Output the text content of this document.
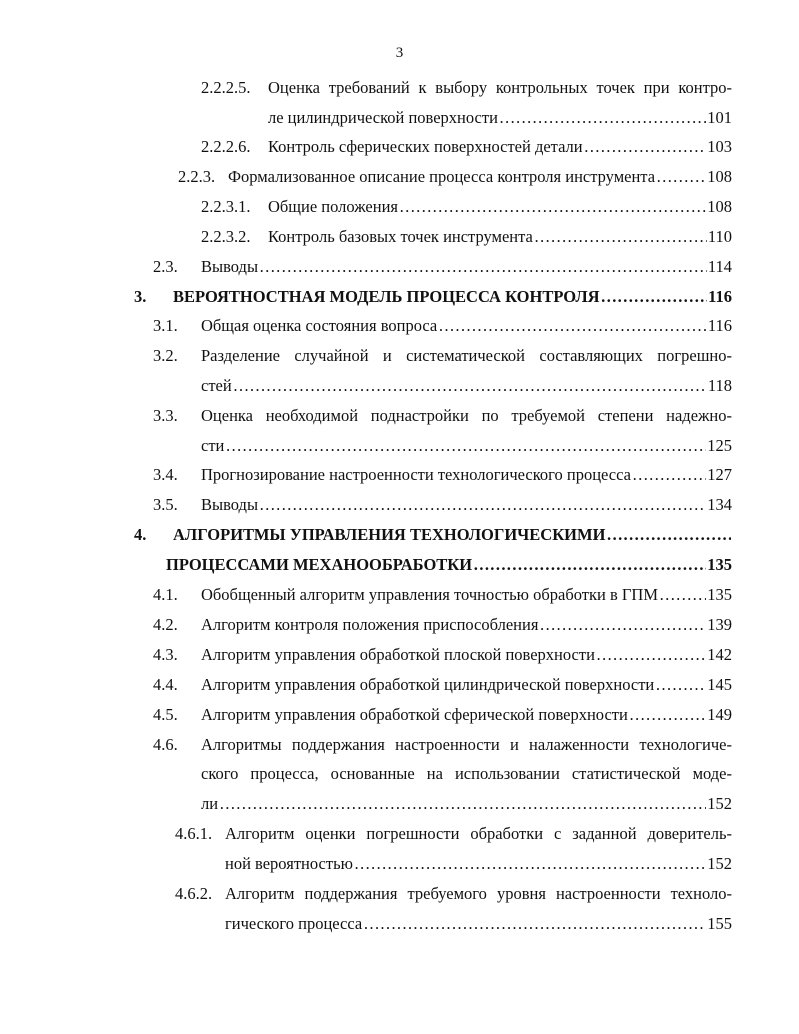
3
2.2.2.5. Оценка требований к выбору контрольных точек при контро-
ле цилиндрической поверхности ………………………………………………………………………………………………………………………………………………………………………………	101
2.2.2.6. Контроль сферических поверхностей детали ………………………………………………………………………………………………………………………………………………………………………………	103
2.2.3. Формализованное описание процесса контроля инструмента ………………………………………………………………………………………………………………………………………………………………………………	108
2.2.3.1. Общие положения ………………………………………………………………………………………………………………………………………………………………………………	108
2.2.3.2. Контроль базовых точек инструмента ………………………………………………………………………………………………………………………………………………………………………………	110
2.3. Выводы ………………………………………………………………………………………………………………………………………………………………………………	114
3. ВЕРОЯТНОСТНАЯ МОДЕЛЬ ПРОЦЕССА КОНТРОЛЯ ………………………………………………………………………………………………………………………………………………………………………………	116
3.1. Общая оценка состояния вопроса ………………………………………………………………………………………………………………………………………………………………………………	116
3.2. Разделение случайной и систематической составляющих погрешно-
стей ………………………………………………………………………………………………………………………………………………………………………………	118
3.3. Оценка необходимой поднастройки по требуемой степени надежно-
сти ………………………………………………………………………………………………………………………………………………………………………………	125
3.4. Прогнозирование настроенности технологического процесса ………………………………………………………………………………………………………………………………………………………………………………	127
3.5. Выводы ………………………………………………………………………………………………………………………………………………………………………………	134
4. АЛГОРИТМЫ УПРАВЛЕНИЯ ТЕХНОЛОГИЧЕСКИМИ
………………………………………………………………………………………………………………………………………………………………………………
ПРОЦЕССАМИ МЕХАНООБРАБОТКИ ………………………………………………………………………………………………………………………………………………………………………………	135
4.1. Обобщенный алгоритм управления точностью обработки в ГПМ ………………………………………………………………………………………………………………………………………………………………………………	135
4.2. Алгоритм контроля положения приспособления ………………………………………………………………………………………………………………………………………………………………………………	139
4.3. Алгоритм управления обработкой плоской поверхности ………………………………………………………………………………………………………………………………………………………………………………	142
4.4. Алгоритм управления обработкой цилиндрической поверхности ………………………………………………………………………………………………………………………………………………………………………………	145
4.5. Алгоритм управления обработкой сферической поверхности ………………………………………………………………………………………………………………………………………………………………………………	149
4.6. Алгоритмы поддержания настроенности и налаженности технологиче-
ского процесса, основанные на использовании статистической моде-
ли ………………………………………………………………………………………………………………………………………………………………………………	152
4.6.1. Алгоритм оценки погрешности обработки с заданной доверитель-
ной вероятностью ………………………………………………………………………………………………………………………………………………………………………………	152
4.6.2. Алгоритм поддержания требуемого уровня настроенности техноло-
гического процесса ………………………………………………………………………………………………………………………………………………………………………………	155
